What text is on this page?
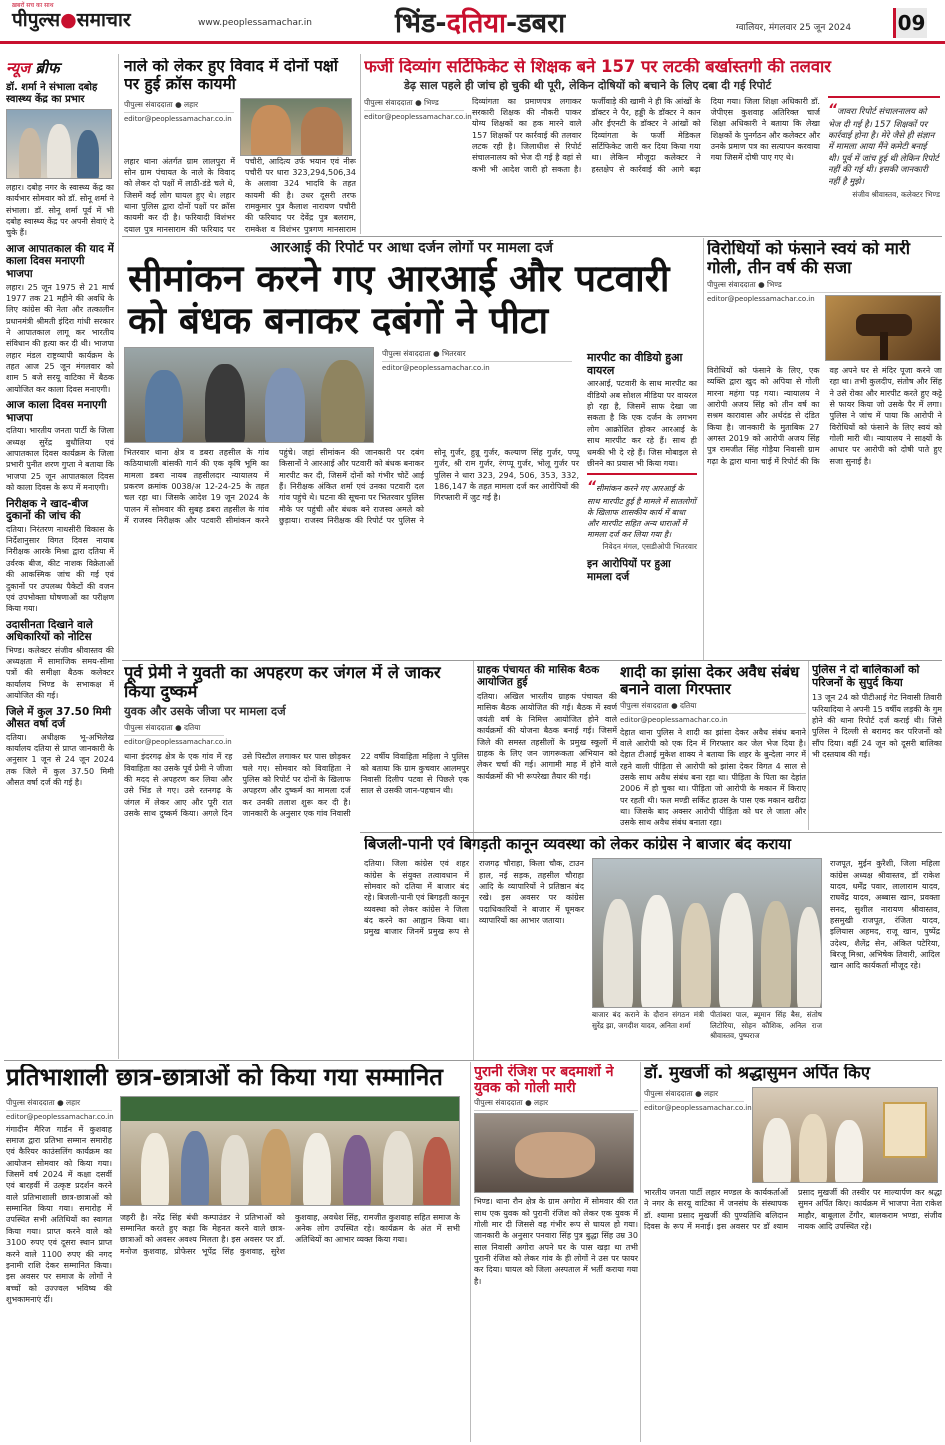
ख़बरों सच का साथ
पीपुल्स●समाचार	www.peoplessamachar.in	भिंड-दतिया-डबरा	ग्वालियर, मंगलवार 25 जून 2024 09
न्यूज ब्रीफ
डॉ. शर्मा ने संभाला दबोह स्वास्थ्य केंद्र का प्रभार
लहार। दबोह नगर के स्वास्थ्य केंद्र का कार्यभार सोमवार को डॉ. सोनू शर्मा ने संभाला। डॉ. सोनू शर्मा पूर्व में भी दबोह स्वास्थ्य केंद्र पर अपनी सेवाएं दे चुके हैं।
आज आपातकाल की याद में काला दिवस मनाएगी भाजपा
लहार। 25 जून 1975 से 21 मार्च 1977 तक 21 महीने की अवधि के लिए कांग्रेस की नेता और तत्कालीन प्रधानमंत्री श्रीमती इंदिरा गांधी सरकार ने आपातकाल लागू कर भारतीय संविधान की हत्या कर दी थी। भाजपा लहार मंडल राष्ट्रव्यापी कार्यक्रम के तहत आज 25 जून मंगलवार को शाम 5 बजे सरयू वाटिका में बैठक आयोजित कर काला दिवस मनाएगी।
आज काला दिवस मनाएगी भाजपा
दतिया। भारतीय जनता पार्टी के जिला अध्यक्ष सुरेंद्र बुधौलिया एवं आपातकाल दिवस कार्यक्रम के जिला प्रभारी पुनीत शरण गुप्ता ने बताया कि भाजपा 25 जून आपातकाल दिवस को काला दिवस के रूप में मनाएगी।
निरीक्षक ने खाद-बीज दुकानों की जांच की
दतिया। निरंतरण नाथसीरी विकास के निर्देशानुसार विगत दिवस नायाब निरीक्षक आरके मिश्रा द्वारा दतिया में उर्वरक बीज, कीट नाशक विक्रेताओं की आकस्मिक जांच की गई एवं दुकानों पर उपलब्ध पैकेटों की वजन एवं उपभोक्ता घोषणाओं का परीक्षण किया गया।
उदासीनता दिखाने वाले अधिकारियों को नोटिस
भिण्ड। कलेक्टर संजीव श्रीवास्तव की अध्यक्षता में सामाजिक समय-सीमा पत्रों की समीक्षा बैठक कलेक्टर कार्यालय भिण्ड के सभाकक्ष में आयोजित की गई।
जिले में कुल 37.50 मिमी औसत वर्षा दर्ज
दतिया। अधीक्षक भू-अभिलेख कार्यालय दतिया से प्राप्त जानकारी के अनुसार 1 जून से 24 जून 2024 तक जिले में कुल 37.50 मिमी औसत वर्षा दर्ज की गई है।
नाले को लेकर हुए विवाद में दोनों पक्षों पर हुई क्रॉस कायमी
पीपुल्स संवाददाता ● लहार
editor@peoplessamachar.co.in
लहार थाना अंतर्गत ग्राम लालपुरा में सोन ग्राम पंचायत के नाले के विवाद को लेकर दो पक्षों में लाठी-डंडे चले थे, जिसमें कई लोग घायल हुए थे। लहार थाना पुलिस द्वारा दोनों पक्षों पर क्रॉस कायमी कर दी है। फरियादी विशंभर दयाल पुत्र मानसाराम की फरियाद पर पचौरी, आदित्य उर्फ भयान एवं नीरू पचौरी पर धारा 323,294,506,34 के अलावा 324 भादवि के तहत कायमी की है। उधर दूसरी तरफ रामकुमार पुत्र कैलाश नारायण पचौरी की फरियाद पर देवेंद्र पुत्र बलराम, रामकेश व विशंभर पुत्रगण मानसाराम
फर्जी दिव्यांग सर्टिफिकेट से शिक्षक बने 157 पर लटकी बर्खास्तगी की तलवार
डेढ़ साल पहले ही जांच हो चुकी थी पूरी, लेकिन दोषियों को बचाने के लिए दबा दी गई रिपोर्ट
पीपुल्स संवाददाता ● भिण्ड
editor@peoplessamachar.co.in
दिव्यांगता का प्रमाणपत्र लगाकर सरकारी शिक्षक की नौकरी पाकर योग्य शिक्षकों का हक मारने वाले 157 शिक्षकों पर कार्रवाई की तलवार लटक रही है। जिलाधीश से रिपोर्ट संचालनालय को भेज दी गई है वहां से कभी भी आदेश जारी हो सकता है। फर्जीवाड़े की खामी ने ही कि आंखों के डॉक्टर ने पैर, हड्डी के डॉक्टर ने कान और ईएनटी के डॉक्टर ने आंखों को दिव्यांगता के फर्जी मेडिकल सर्टिफिकेट जारी कर दिया किया गया था। लेकिन मौजूदा कलेक्टर ने हस्तक्षेप से कार्रवाई की आगे बढ़ा दिया गया। जिला शिक्षा अधिकारी डॉ. जेपीएस कुशवाह अतिरिक्त चार्ज शिक्षा अधिकारी ने बताया कि लेखा शिक्षकों के पुनर्गठन और कलेक्टर और उनके प्रमाण पत्र का सत्यापन करवाया गया जिसमें दोषी पाए गए थे।
“जावरा रिपोर्ट संचालनालय को भेज दी गई है। 157 शिक्षकों पर कार्रवाई होना है। मेरे जैसे ही संज्ञान में मामला आया मैंने कमेटी बनाई थी। पूर्व में जांच हुई थी लेकिन रिपोर्ट नहीं की गई थी। इसकी जानकारी नहीं है मुझे।
संजीव श्रीवास्तव, कलेक्टर भिण्ड
आरआई की रिपोर्ट पर आधा दर्जन लोगों पर मामला दर्ज
सीमांकन करने गए आरआई और पटवारी को बंधक बनाकर दबंगों ने पीटा
पीपुल्स संवाददाता ● भितरवार
editor@peoplessamachar.co.in
भितरवार थाना क्षेत्र व डबरा तहसील के गांव कठियाथाली बांसकी गार्न की एक कृषि भूमि का मामला डबरा नायब तहसीलदार न्यायालय में प्रकरण क्रमांक 0038/अ 12-24-25 के तहत चल रहा था। जिसके आदेश 19 जून 2024 के पालन में सोमवार की सुबह डबरा तहसील के गांव में राजस्व निरीक्षक और पटवारी सीमांकन करने पहुंचे। जहां सीमांकन की जानकारी पर दबंग किसानों ने आरआई और पटवारी को बंधक बनाकर मारपीट कर दी, जिसमें दोनों को गंभीर चोटें आई हैं। निरीक्षक अंकित शर्मा एवं उनका पटवारी दल गांव पहुंचे थे। घटना की सूचना पर भितरवार पुलिस मौके पर पहुंची और बंधक बने राजस्व अमले को छुड़ाया। राजस्व निरीक्षक की रिपोर्ट पर पुलिस ने सोनू गुर्जर, हुन्नू गुर्जर, कल्याण सिंह गुर्जर, पप्पू गुर्जर, श्री राम गुर्जर, रंगप्पू गुर्जर, भोलू गुर्जर पर पुलिस ने धारा 323, 294, 506, 353, 332, 186,147 के तहत मामला दर्ज कर आरोपियों की गिरफ्तारी में जुट गई है।
मारपीट का वीडियो हुआ वायरल
आरआई, पटवारी के साथ मारपीट का वीडियो अब सोशल मीडिया पर वायरल हो रहा है, जिसमें साफ देखा जा सकता है कि एक दर्जन के लगभग लोग आक्रोशित होकर आरआई के साथ मारपीट कर रहे हैं। साथ ही धमकी भी दे रहे हैं। जिस मोबाइल से छीनने का प्रयास भी किया गया।
“सीमांकन करने गए आरआई के साथ मारपीट हुई है मामले में सातलोगों के खिलाफ शासकीय कार्य में बाधा और मारपीट सहित अन्य धाराओं में मामला दर्ज कर लिया गया है।
निवेदन मंगल, एसडीओपी भितरवार
इन आरोपियों पर हुआ मामला दर्ज
विरोधियों को फंसाने स्वयं को मारी गोली, तीन वर्ष की सजा
पीपुल्स संवाददाता ● भिण्ड
editor@peoplessamachar.co.in
विरोधियों को फंसाने के लिए, एक व्यक्ति द्वारा खुद को अपिया से गोली मारना महंगा पड़ गया। न्यायालय ने आरोपी अजय सिंह को तीन वर्ष का सश्रम कारावास और अर्थदंड से दंडित किया है। जानकारी के मुताबिक 27 अगस्त 2019 को आरोपी अजय सिंह पुत्र रामजीत सिंह गोड़ैया निवासी ग्राम गढ़ा के द्वारा थाना चाई में रिपोर्ट की कि वह अपने घर से मंदिर पूजा करने जा रहा था। तभी कुलदीप, संतोष और सिंह ने उसे रोका और मारपीट करते हुए कट्टे से फायर किया जो उसके पैर में लगा। पुलिस ने जांच में पाया कि आरोपी ने विरोधियों को फंसाने के लिए स्वयं को गोली मारी थी। न्यायालय ने साक्ष्यों के आधार पर आरोपी को दोषी पाते हुए सजा सुनाई है।
पूर्व प्रेमी ने युवती का अपहरण कर जंगल में ले जाकर किया दुष्कर्म
युवक और उसके जीजा पर मामला दर्ज
पीपुल्स संवाददाता ● दतिया
editor@peoplessamachar.co.in
थाना इंदरगढ़ क्षेत्र के एक गांव में रह विवाहिता का उसके पूर्व प्रेमी ने जीजा की मदद से अपहरण कर लिया और उसे भिंड ले गए। उसे रतनगढ़ के जंगल में लेकर आए और पूरी रात उसके साथ दुष्कर्म किया। अगले दिन उसे पिस्टौल लगाकर घर पास छोड़कर चले गए। सोमवार को विवाहिता ने पुलिस को रिपोर्ट पर दोनों के खिलाफ अपहरण और दुष्कर्म का मामला दर्ज कर उनकी तलाश शुरू कर दी है। जानकारी के अनुसार एक गांव निवासी 22 वर्षीय विवाहिता महिला ने पुलिस को बताया कि ग्राम कुचवार आलमपुर निवासी दिलीप पटवा से पिछले एक साल से उसकी जान-पहचान थी।
ग्राहक पंचायत की मासिक बैठक आयोजित हुई
दतिया। अखिल भारतीय ग्राहक पंचायत की मासिक बैठक आयोजित की गई। बैठक में स्वर्ण जयंती वर्ष के निमित्त आयोजित होने वाले कार्यक्रमों की योजना बैठक बनाई गई। जिसमें जिले की समस्त तहसीलों के प्रमुख स्कूलों में ग्राहक के लिए जन जागरूकता अभियान को लेकर चर्चा की गई। आगामी माह में होने वाले कार्यक्रमों की भी रूपरेखा तैयार की गई।
शादी का झांसा देकर अवैध संबंध बनाने वाला गिरफ्तार
पीपुल्स संवाददाता ● दतिया
editor@peoplessamachar.co.in
देहात थाना पुलिस ने शादी का झांसा देकर अवैध संबंध बनाने वाले आरोपी को एक दिन में गिरफ्तार कर जेल भेज दिया है। देहात टीआई मुकेश शाक्य ने बताया कि शहर के बुन्देला नगर में रहने वाली पीड़िता से आरोपी को झांसा देकर विगत 4 साल से उसके साथ अवैध संबंध बना रहा था। पीड़िता के पिता का देहांत 2006 में हो चुका था। पीड़िता जो आरोपी के मकान में किराए पर रहती थी। फल मण्डी सर्किट हाउस के पास एक मकान खरीदा था। जिसके बाद अक्सर आरोपी पीड़िता को घर ले जाता और उसके साथ अवैध संबंध बनाता रहा।
पुलिस ने दो बालिकाओं को परिजनों के सुपुर्द किया
13 जून 24 को पीटीआई गेट निवासी तिवारी फरियादिया ने अपनी 15 वर्षीय लड़की के गुम होने की थाना रिपोर्ट दर्ज कराई थी। जिसे पुलिस ने दिल्ली से बरामद कर परिजनों को सौंप दिया। वहीं 24 जून को दूसरी बालिका भी दस्तयाब की गई।
बिजली-पानी एवं बिगड़ती कानून व्यवस्था को लेकर कांग्रेस ने बाजार बंद कराया
दतिया। जिला कांग्रेस एवं शहर कांग्रेस के संयुक्त तत्वावधान में सोमवार को दतिया में बाजार बंद रहे। बिजली-पानी एवं बिगड़ती कानून व्यवस्था को लेकर कांग्रेस ने जिला बंद करने का आह्वान किया था। प्रमुख बाजार जिनमें प्रमुख रूप से राजगढ़ चौराहा, किला चौक, टाउन हाल, नई सड़क, तहसील चौराहा आदि के व्यापारियों ने प्रतिष्ठान बंद रखे। इस अवसर पर कांग्रेस पदाधिकारियों ने बाजार में घूमकर व्यापारियों का आभार जताया।
बाजार बंद कराने के दौरान संगठन मंत्री सुरेंद्र झा, जगदीश यादव, अनिता शर्मा
पीतांबरा पाल, ब्यूमान सिंह बैस, संतोष लिटोरिया, सोहन कौशिक, अनिल राज श्रीवास्तव, पुष्पराज
राजपूत, मुईन कुरैशी, जिला महिला कांग्रेस अध्यक्ष श्रीवास्तव, डॉ राकेश यादव, धर्मेंद्र पवार, लालाराम यादव, राघवेंद्र यादव, अब्बास खान, प्रवक्ता सनद, सुशील नारायण श्रीवास्तव, हसमुखी राजपूत, रंजिता यादव, इलियास अहमद, राजू खान, पुष्पेंद्र उदेश्य, शैलेंद्र सेन, अंकित पटेरिया, बिरजू मिश्रा, अभिषेक तिवारी, आदिल खान आदि कार्यकर्ता मौजूद रहे।
प्रतिभाशाली छात्र-छात्राओं को किया गया सम्मानित
पीपुल्स संवाददाता ● लहार
editor@peoplessamachar.co.in
गंगादीन मैरिज गार्डन में कुशवाह समाज द्वारा प्रतिभा सम्मान समारोह एवं कैरियर काउंसलिंग कार्यक्रम का आयोजन सोमवार को किया गया। जिसमें वर्ष 2024 में कक्षा दसवीं एवं बारहवीं में उत्कृष्ट प्रदर्शन करने वाले प्रतिभाशाली छात्र-छात्राओं को सम्मानित किया गया। समारोह में उपस्थित सभी अतिथियों का स्वागत किया गया। प्राप्त करने वाले को 3100 रुपए एवं दूसरा स्थान प्राप्त करने वाले 1100 रुपए की नगद इनामी राशि देकर सम्मानित किया। इस अवसर पर समाज के लोगों ने बच्चों को उज्ज्वल भविष्य की शुभकामनाएं दीं।
जहरी है। नरेंद्र सिंह बंधी कम्पाउंडर ने प्रतिभाओं को सम्मानित करते हुए कहा कि मेहनत करने वाले छात्र-छात्राओं को अवसर अवश्य मिलता है। इस अवसर पर डॉ. मनोज कुशवाह, प्रोफेसर भूपेंद्र सिंह कुशवाह, सुरेश कुशवाह, अवधेश सिंह, रामजीत कुशवाह सहित समाज के अनेक लोग उपस्थित रहे। कार्यक्रम के अंत में सभी अतिथियों का आभार व्यक्त किया गया।
पुरानी रंजिश पर बदमाशों ने युवक को गोली मारी
पीपुल्स संवाददाता ● लहार
भिण्ड। थाना रौन क्षेत्र के ग्राम अगोरा में सोमवार की रात साथ एक युवक को पुरानी रंजिश को लेकर एक युवक में गोली मार दी जिससे वह गंभीर रूप से घायल हो गया। जानकारी के अनुसार पनवारा सिंह पुत्र बुद्धा सिंह उम्र 30 साल निवासी अगोरा अपने घर के पास खड़ा था तभी पुरानी रंजिश को लेकर गांव के ही लोगों ने उस पर फायर कर दिया। घायल को जिला अस्पताल में भर्ती कराया गया है।
डॉ. मुखर्जी को श्रद्धासुमन अर्पित किए
पीपुल्स संवाददाता ● लहार
editor@peoplessamachar.co.in
भारतीय जनता पार्टी लहार मण्डल के कार्यकर्ताओं ने नगर के सरयू वाटिका में जनसंघ के संस्थापक डॉ. श्यामा प्रसाद मुखर्जी की पुण्यतिथि बलिदान दिवस के रूप में मनाई। इस अवसर पर डॉ श्याम प्रसाद मुखर्जी की तस्वीर पर माल्यार्पण कर श्रद्धा सुमन अर्पित किए। कार्यक्रम में भाजपा नेता राकेश माहौर, बाबूलाल टेंगौर, बालकराम भण्डा, संजीव नायक आदि उपस्थित रहे।
